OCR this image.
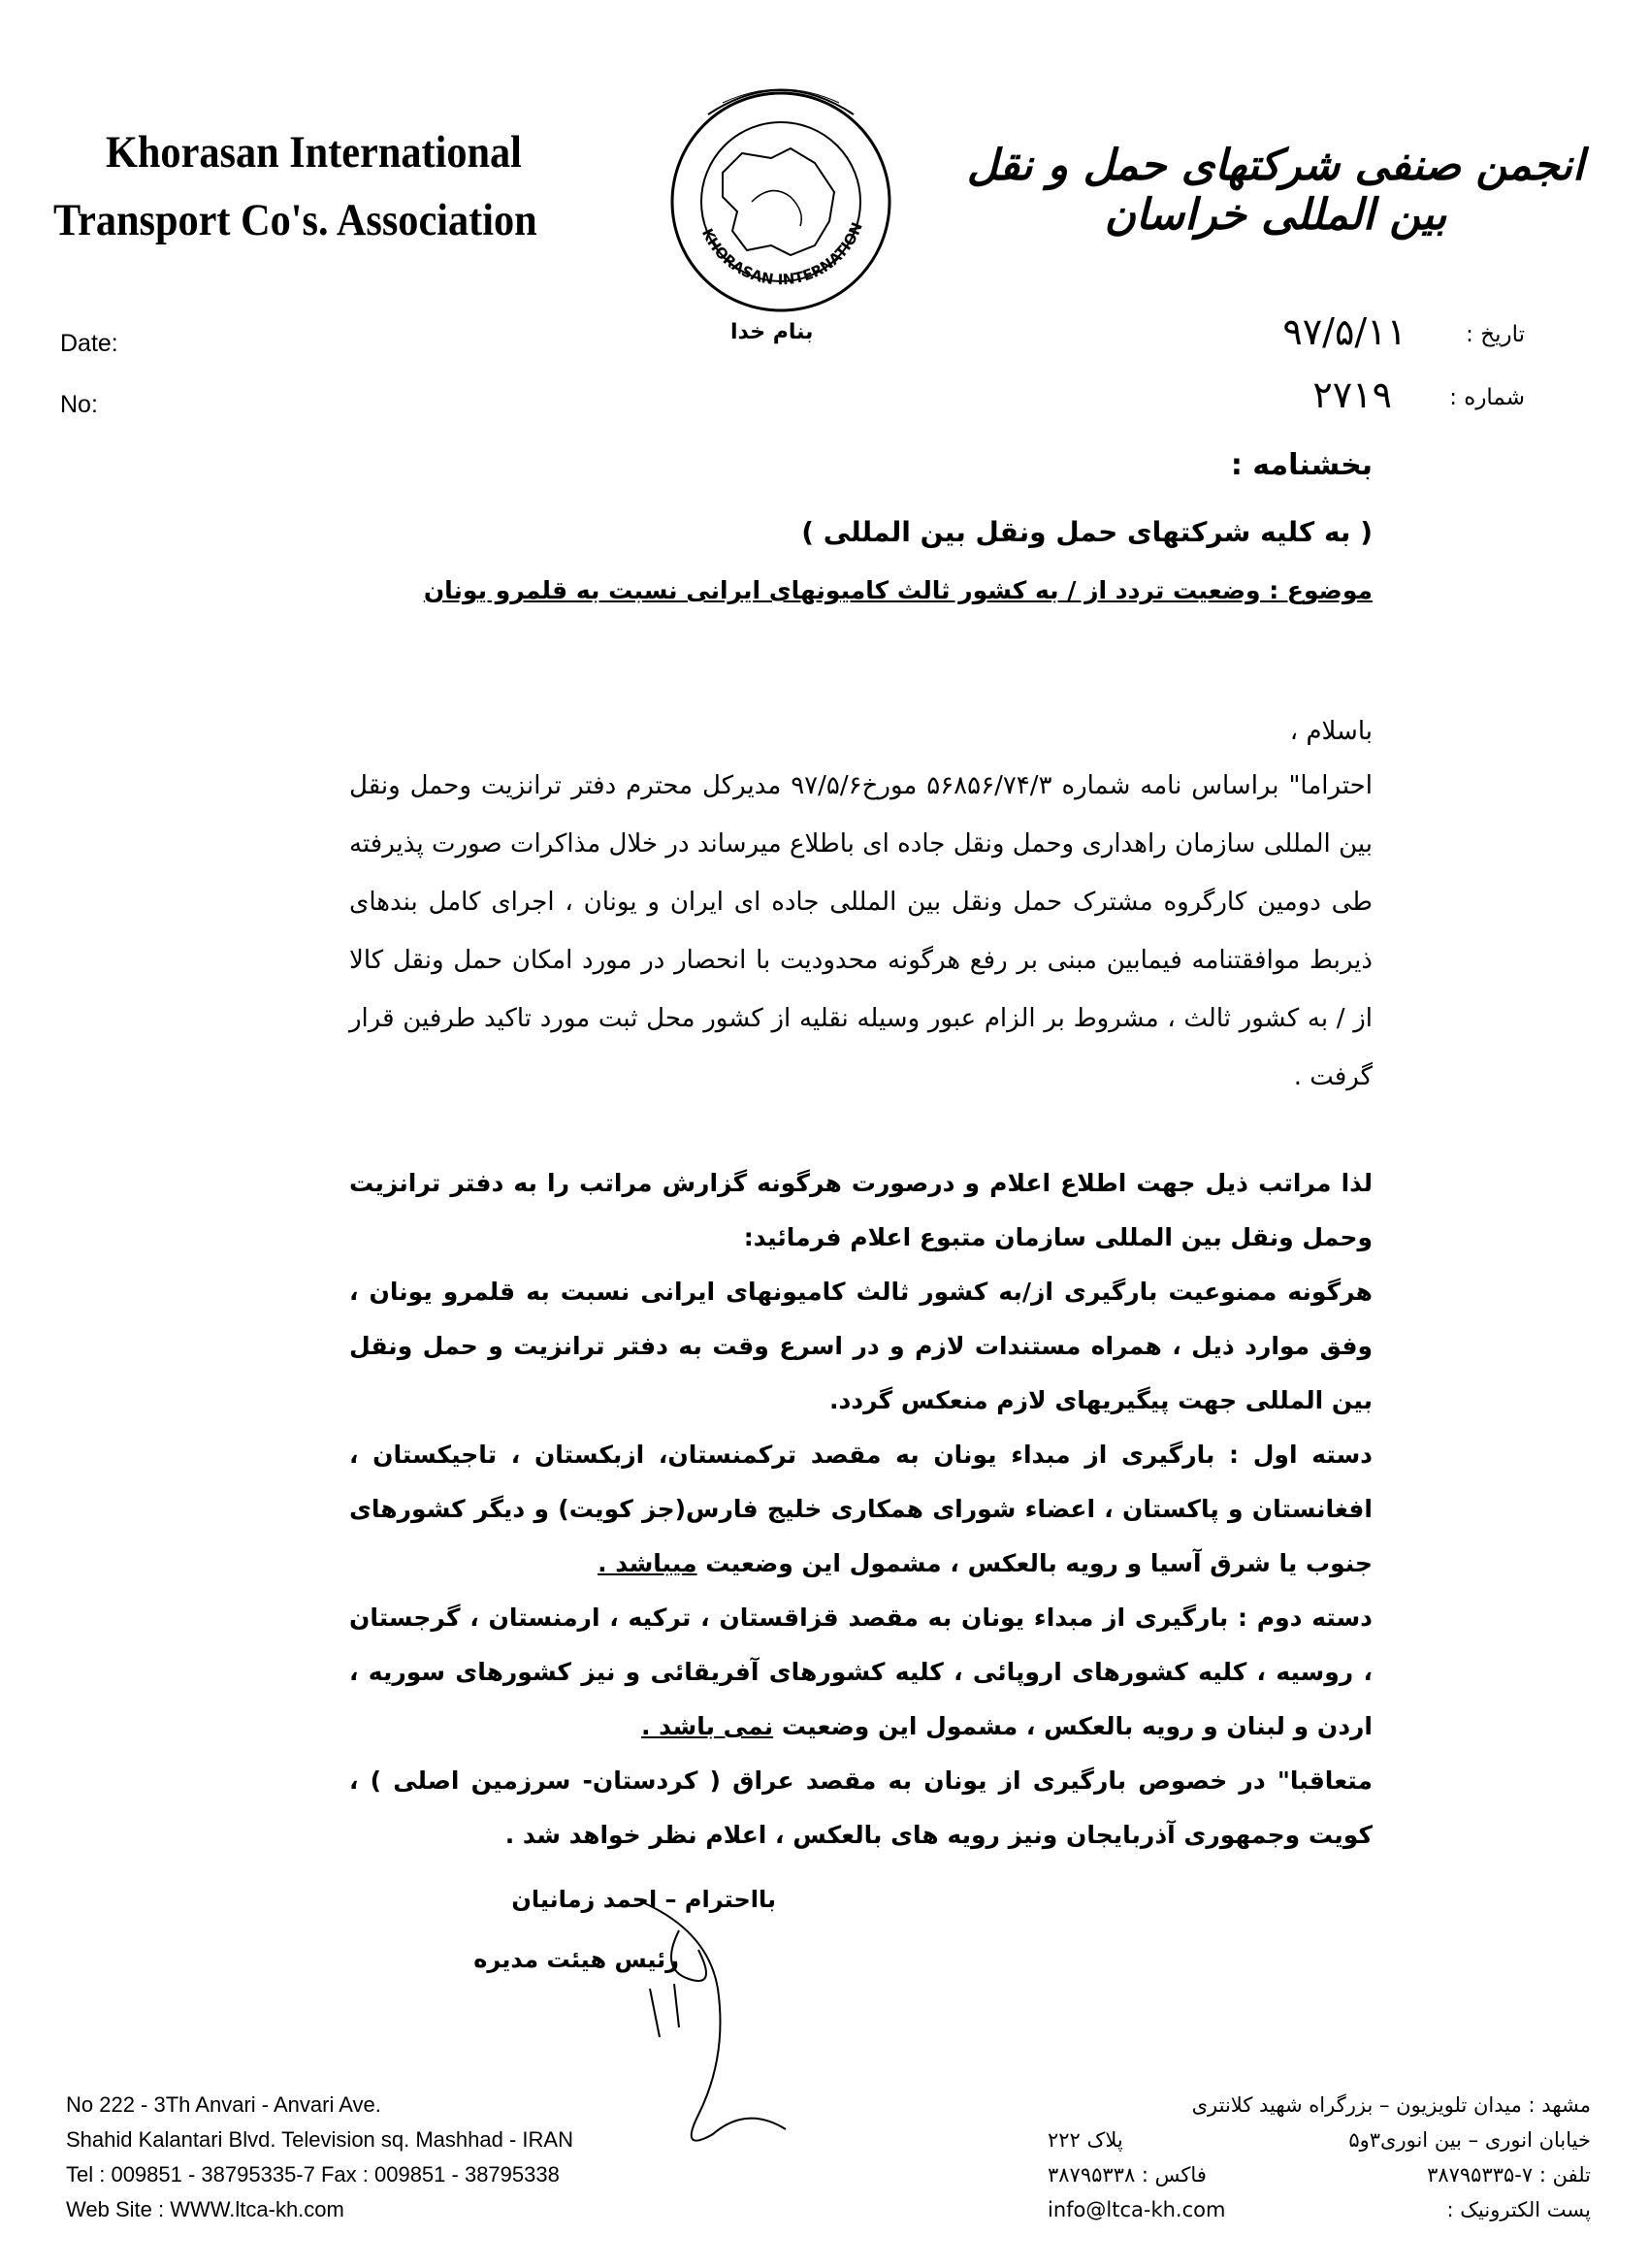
Khorasan International
Transport Co's. Association	KHORASAN INTERNATION
بنام خدا
انجمن صنفی شرکتهای حمل و نقل بین المللی خراسان
Date:
No:
تاریخ :
شماره :
۹۷/۵/۱۱
۲۷۱۹
بخشنامه :
( به کلیه شرکتهای حمل ونقل بین المللی )
موضوع : وضعیت تردد از / به کشور ثالث کامیونهای ایرانی نسبت به قلمرو یونان
باسلام ،
احتراما" براساس نامه شماره ۵۶۸۵۶/۷۴/۳ مورخ۹۷/۵/۶ مدیرکل محترم دفتر ترانزیت وحمل ونقل بین المللی سازمان راهداری وحمل ونقل جاده ای باطلاع میرساند در خلال مذاکرات صورت پذیرفته طی دومین کارگروه مشترک حمل ونقل بین المللی جاده ای ایران و یونان ، اجرای کامل بندهای ذیربط موافقتنامه فیمابین مبنی بر رفع هرگونه محدودیت با انحصار در مورد امکان حمل ونقل کالا از / به کشور ثالث ، مشروط بر الزام عبور وسیله نقلیه از کشور محل ثبت مورد تاکید طرفین قرار گرفت .
لذا مراتب ذیل جهت اطلاع اعلام و درصورت هرگونه گزارش مراتب را به دفتر ترانزیت وحمل ونقل بین المللی سازمان متبوع اعلام فرمائید:
هرگونه ممنوعیت بارگیری از/به کشور ثالث کامیونهای ایرانی نسبت به قلمرو یونان ، وفق موارد ذیل ، همراه مستندات لازم و در اسرع وقت به دفتر ترانزیت و حمل ونقل بین المللی جهت پیگیریهای لازم منعکس گردد.
دسته اول : بارگیری از مبداء یونان به مقصد ترکمنستان، ازبکستان ، تاجیکستان ، افغانستان و پاکستان ، اعضاء شورای همکاری خلیج فارس(جز کویت) و دیگر کشورهای جنوب یا شرق آسیا و رویه بالعکس ، مشمول این وضعیت میباشد .
دسته دوم : بارگیری از مبداء یونان به مقصد قزاقستان ، ترکیه ، ارمنستان ، گرجستان ، روسیه ، کلیه کشورهای اروپائی ، کلیه کشورهای آفریقائی و نیز کشورهای سوریه ، اردن و لبنان و رویه بالعکس ، مشمول این وضعیت نمی باشد .
متعاقبا" در خصوص بارگیری از یونان به مقصد عراق ( کردستان- سرزمین اصلی ) ، کویت وجمهوری آذربایجان ونیز رویه های بالعکس ، اعلام نظر خواهد شد .
بااحترام – احمد زمانیان
رئیس هیئت مدیره
No 222 - 3Th Anvari - Anvari Ave.
Shahid Kalantari Blvd. Television sq. Mashhad - IRAN
Tel : 009851 - 38795335-7 Fax : 009851 - 38795338
Web Site : WWW.ltca-kh.com
مشهد : میدان تلویزیون – بزرگراه شهید کلانتری
خیابان انوری – بین انوری۳و۵
پلاک ۲۲۲
تلفن : ۷-۳۸۷۹۵۳۳۵
فاکس : ۳۸۷۹۵۳۳۸
پست الکترونیک :
info@ltca-kh.com
